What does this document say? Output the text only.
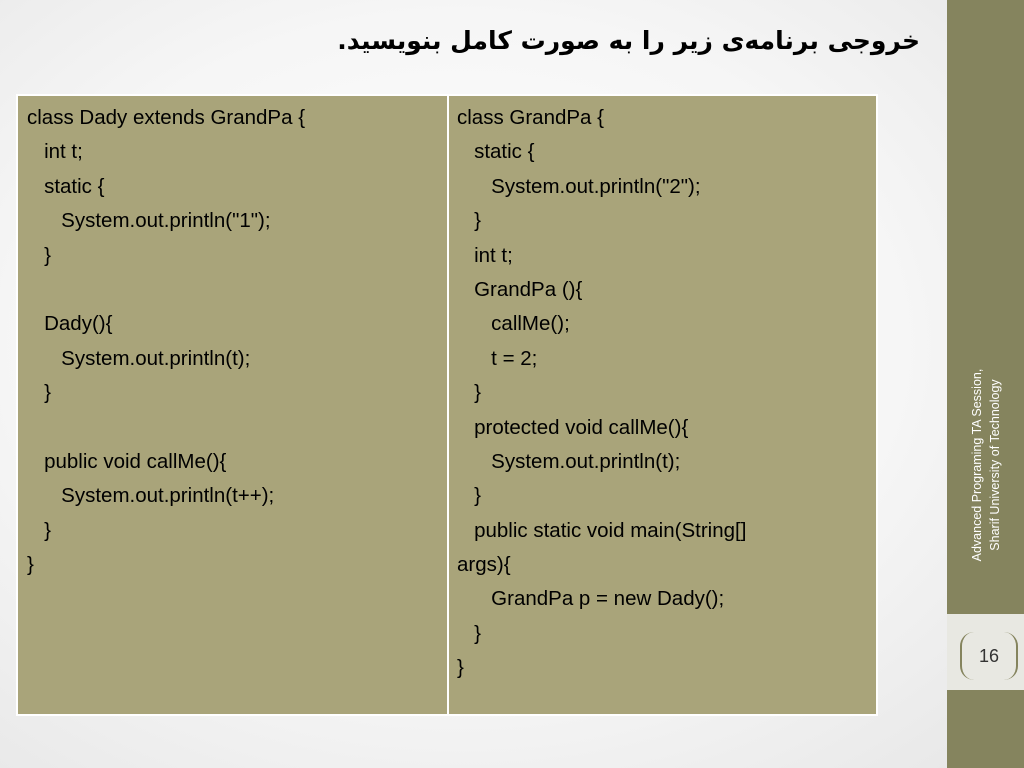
خروجی برنامه‌ی زیر را به صورت کامل بنویسید.
class Dady extends GrandPa {
int t;
static {
System.out.println("1");
}
Dady(){
System.out.println(t);
}
public void callMe(){
System.out.println(t++);
}
}
class GrandPa {
static {
System.out.println("2");
}
int t;
GrandPa (){
callMe();
t = 2;
}
protected void callMe(){
System.out.println(t);
}
public static void main(String[]
args){
GrandPa p = new Dady();
}
}
Advanced Programing TA Session, Sharif University of Technology
16
